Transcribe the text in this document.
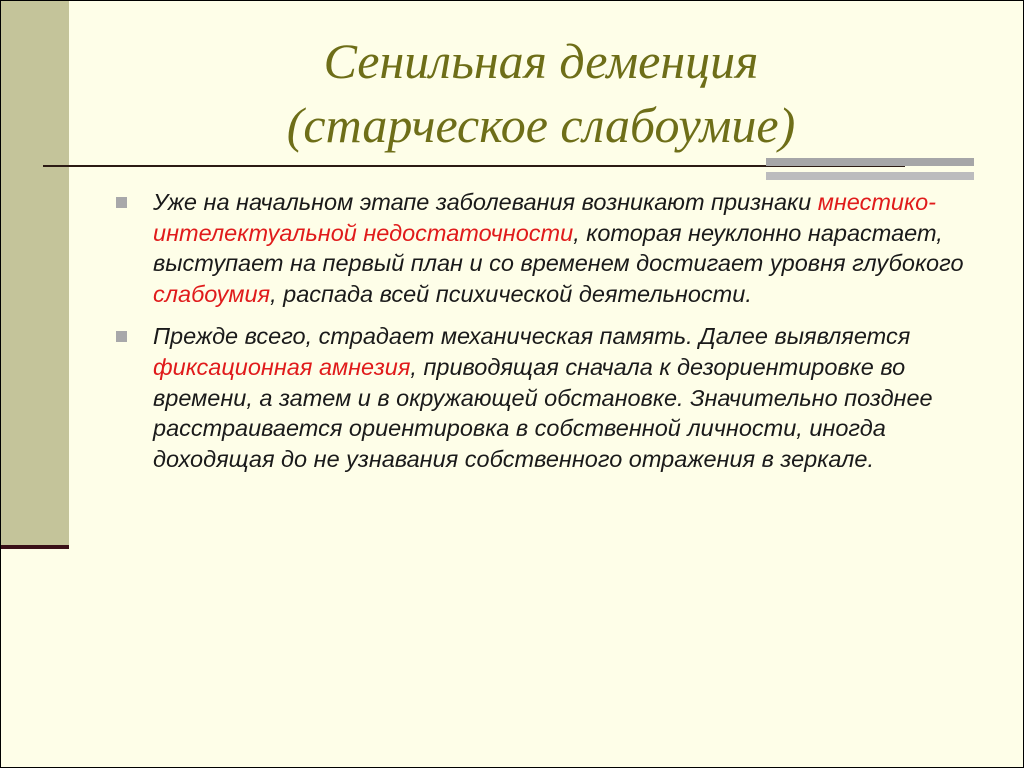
Сенильная деменция
(старческое слабоумие)
Уже на начальном этапе заболевания возникают признаки мнестико-интелектуальной недостаточности, которая неуклонно нарастает, выступает на первый план и со временем достигает уровня глубокого слабоумия, распада всей психической деятельности.
Прежде всего, страдает механическая память. Далее выявляется фиксационная амнезия, приводящая сначала к дезориентировке во времени, а затем и в окружающей обстановке. Значительно позднее расстраивается ориентировка в собственной личности, иногда доходящая до не узнавания собственного отражения в зеркале.
